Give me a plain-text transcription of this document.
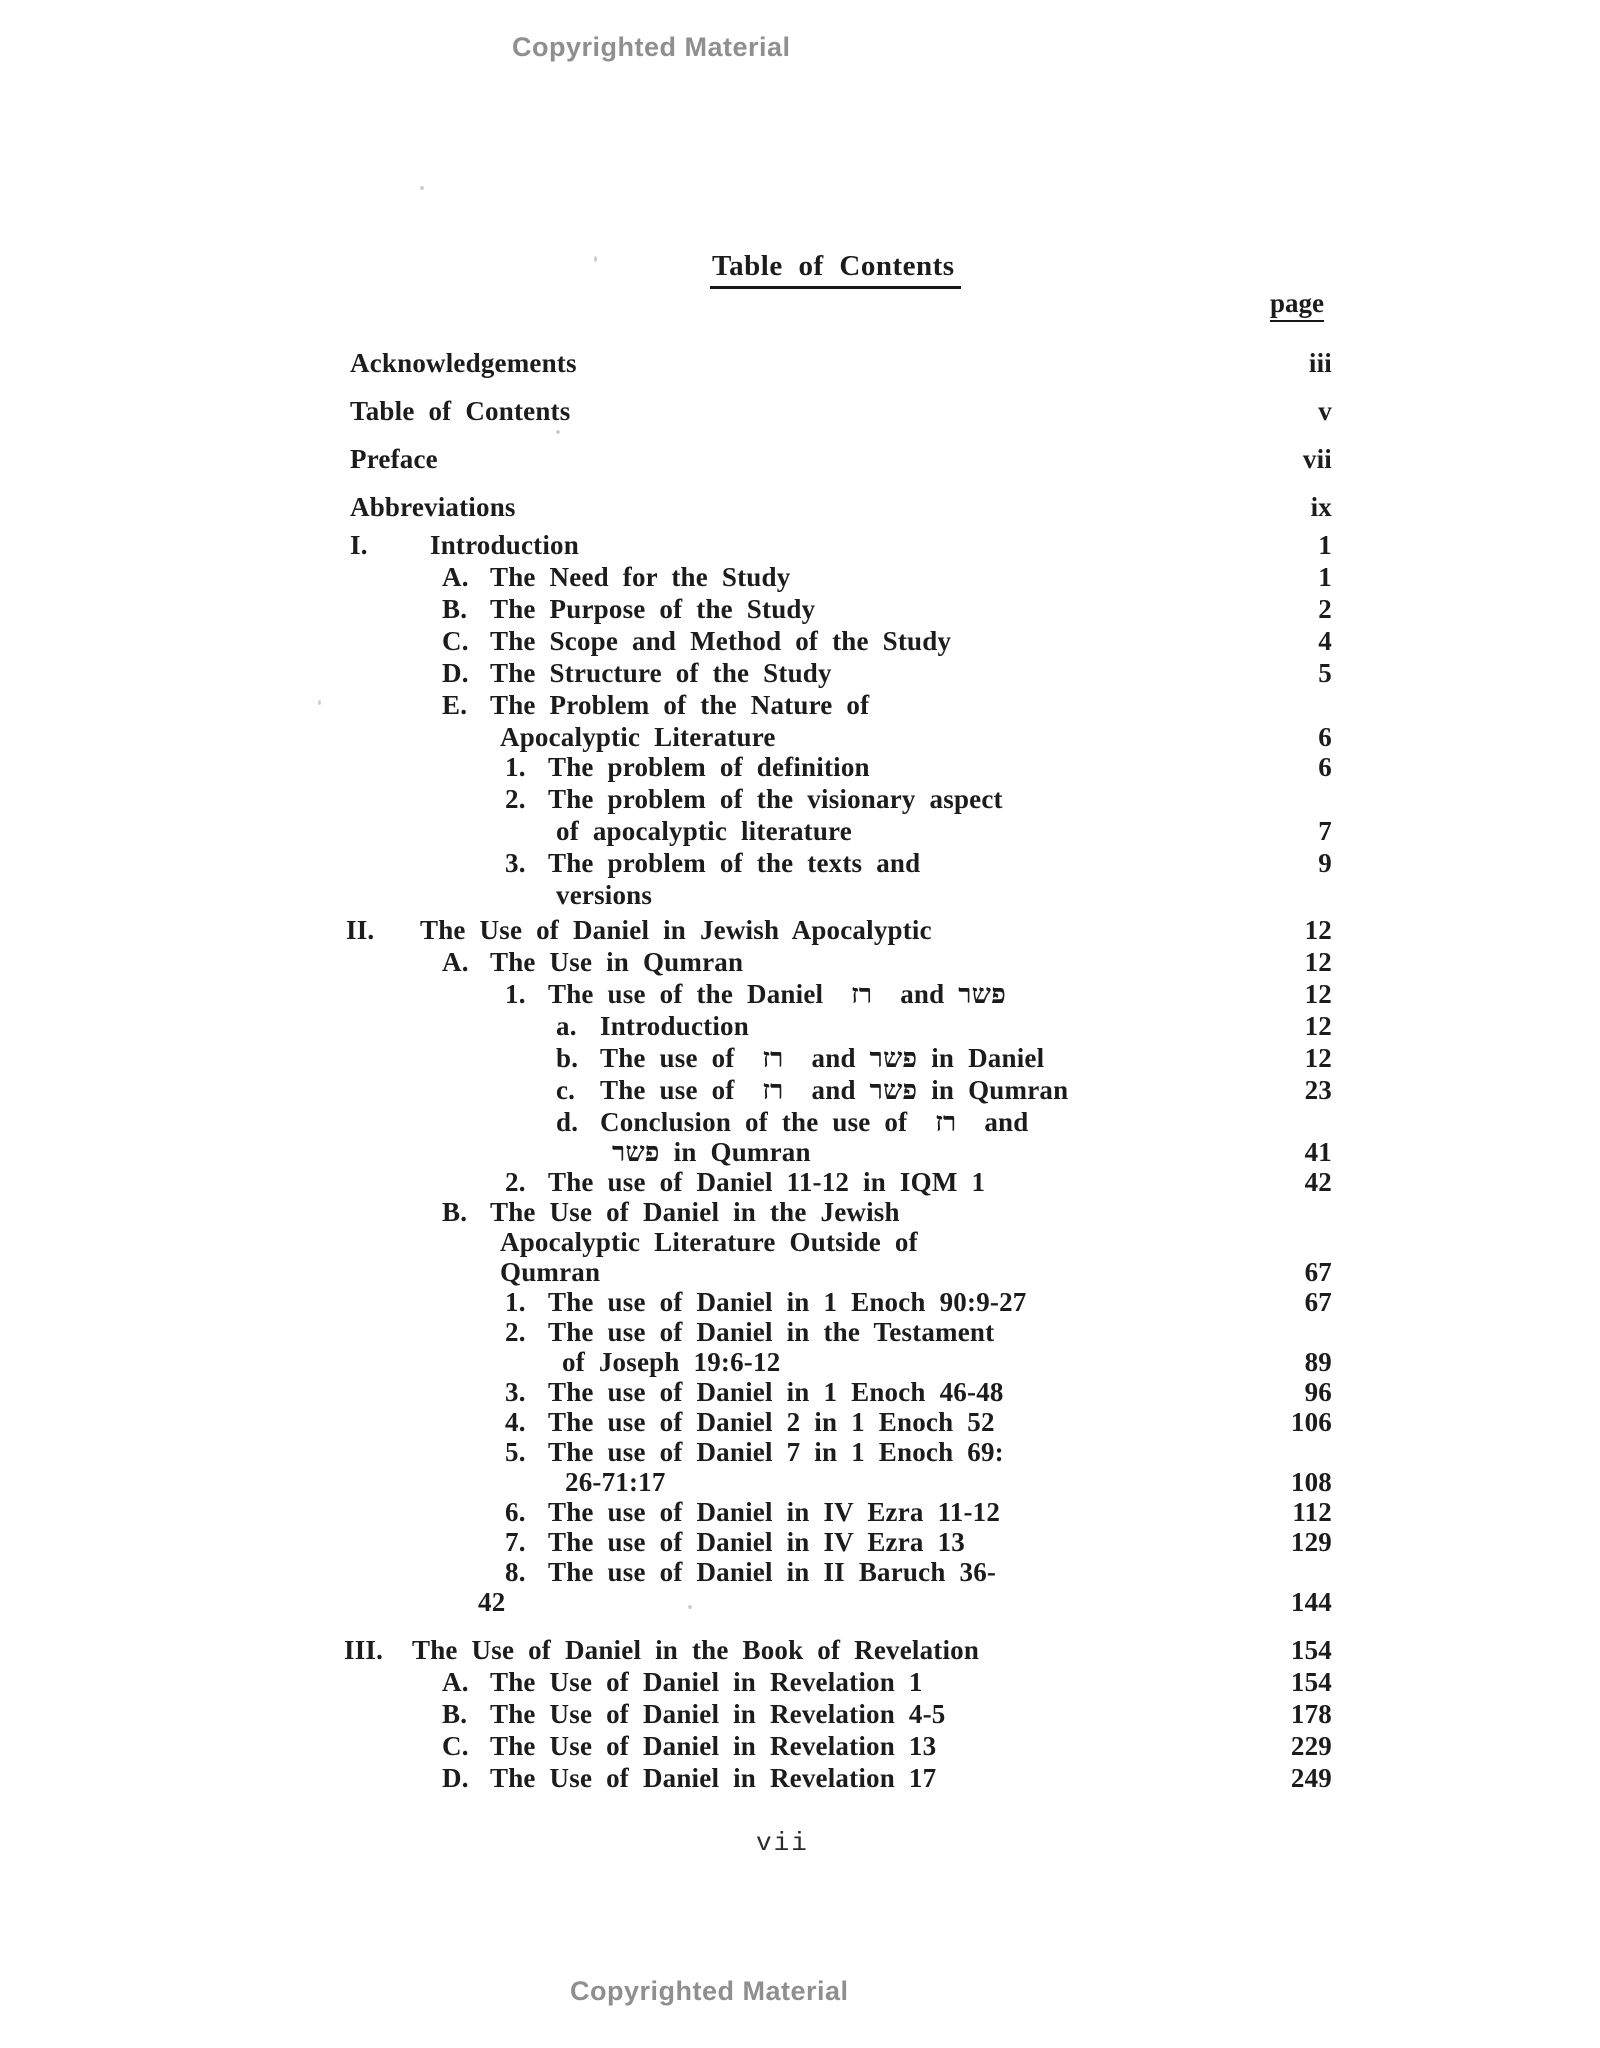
Copyrighted Material
Table of Contents
page
Acknowledgements	iii
Table of Contents	v
Preface	vii
Abbreviations	ix
I. Introduction	1
A. The Need for the Study	1
B. The Purpose of the Study	2
C. The Scope and Method of the Study	4
D. The Structure of the Study	5
E. The Problem of the Nature of
Apocalyptic Literature	6
1. The problem of definition	6
2. The problem of the visionary aspect
of apocalyptic literature	7
3. The problem of the texts and	9
versions
II. The Use of Daniel in Jewish Apocalyptic	12
A. The Use in Qumran	12
1. The use of the Daniel  רז  and פשר	12
a. Introduction	12
b. The use of  רז  and פשר in Daniel	12
c. The use of  רז  and פשר in Qumran	23
d. Conclusion of the use of  רז  and
פשר in Qumran	41
2. The use of Daniel 11-12 in IQM 1	42
B. The Use of Daniel in the Jewish
Apocalyptic Literature Outside of
Qumran	67
1. The use of Daniel in 1 Enoch 90:9-27	67
2. The use of Daniel in the Testament
of Joseph 19:6-12	89
3. The use of Daniel in 1 Enoch 46-48	96
4. The use of Daniel 2 in 1 Enoch 52	106
5. The use of Daniel 7 in 1 Enoch 69:
26-71:17	108
6. The use of Daniel in IV Ezra 11-12	112
7. The use of Daniel in IV Ezra 13	129
8. The use of Daniel in II Baruch 36-
42	144
III. The Use of Daniel in the Book of Revelation	154
A. The Use of Daniel in Revelation 1	154
B. The Use of Daniel in Revelation 4-5	178
C. The Use of Daniel in Revelation 13	229
D. The Use of Daniel in Revelation 17	249
vii
Copyrighted Material
